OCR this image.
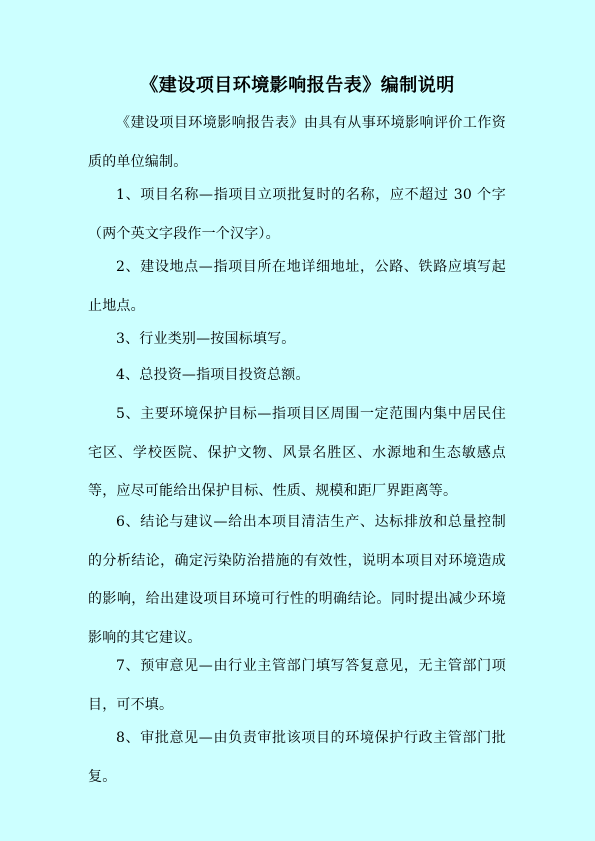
《建设项目环境影响报告表》编制说明

《建设项目环境影响报告表》由具有从事环境影响评价工作资质的单位编制。

1、项目名称—指项目立项批复时的名称，应不超过 30 个字（两个英文字段作一个汉字）。

2、建设地点—指项目所在地详细地址，公路、铁路应填写起止地点。

3、行业类别—按国标填写。

4、总投资—指项目投资总额。

5、主要环境保护目标—指项目区周围一定范围内集中居民住宅区、学校医院、保护文物、风景名胜区、水源地和生态敏感点等，应尽可能给出保护目标、性质、规模和距厂界距离等。

6、结论与建议—给出本项目清洁生产、达标排放和总量控制的分析结论，确定污染防治措施的有效性，说明本项目对环境造成的影响，给出建设项目环境可行性的明确结论。同时提出减少环境影响的其它建议。

7、预审意见—由行业主管部门填写答复意见，无主管部门项目，可不填。

8、审批意见—由负责审批该项目的环境保护行政主管部门批复。
